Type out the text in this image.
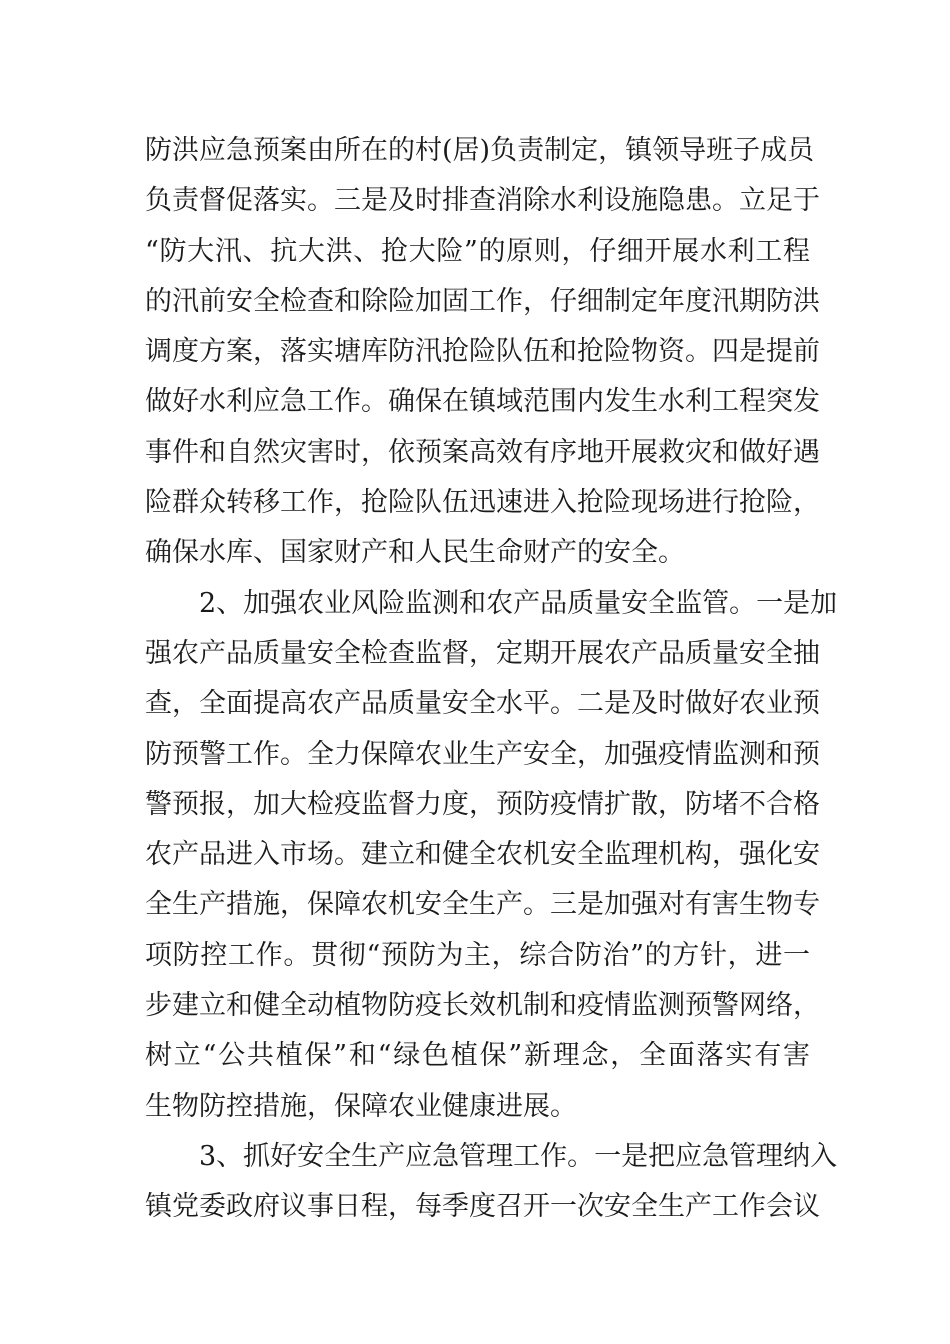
防洪应急预案由所在的村(居)负责制定，镇领导班子成员
负责督促落实。三是及时排查消除水利设施隐患。立足于
“防大汛、抗大洪、抢大险”的原则，仔细开展水利工程
的汛前安全检查和除险加固工作，仔细制定年度汛期防洪
调度方案，落实塘库防汛抢险队伍和抢险物资。四是提前
做好水利应急工作。确保在镇域范围内发生水利工程突发
事件和自然灾害时，依预案高效有序地开展救灾和做好遇
险群众转移工作，抢险队伍迅速进入抢险现场进行抢险，
确保水库、国家财产和人民生命财产的安全。
2、加强农业风险监测和农产品质量安全监管。一是加
强农产品质量安全检查监督，定期开展农产品质量安全抽
查，全面提高农产品质量安全水平。二是及时做好农业预
防预警工作。全力保障农业生产安全，加强疫情监测和预
警预报，加大检疫监督力度，预防疫情扩散，防堵不合格
农产品进入市场。建立和健全农机安全监理机构，强化安
全生产措施，保障农机安全生产。三是加强对有害生物专
项防控工作。贯彻“预防为主，综合防治”的方针，进一
步建立和健全动植物防疫长效机制和疫情监测预警网络，
树立“公共植保”和“绿色植保”新理念，全面落实有害
生物防控措施，保障农业健康进展。
3、抓好安全生产应急管理工作。一是把应急管理纳入
镇党委政府议事日程，每季度召开一次安全生产工作会议
